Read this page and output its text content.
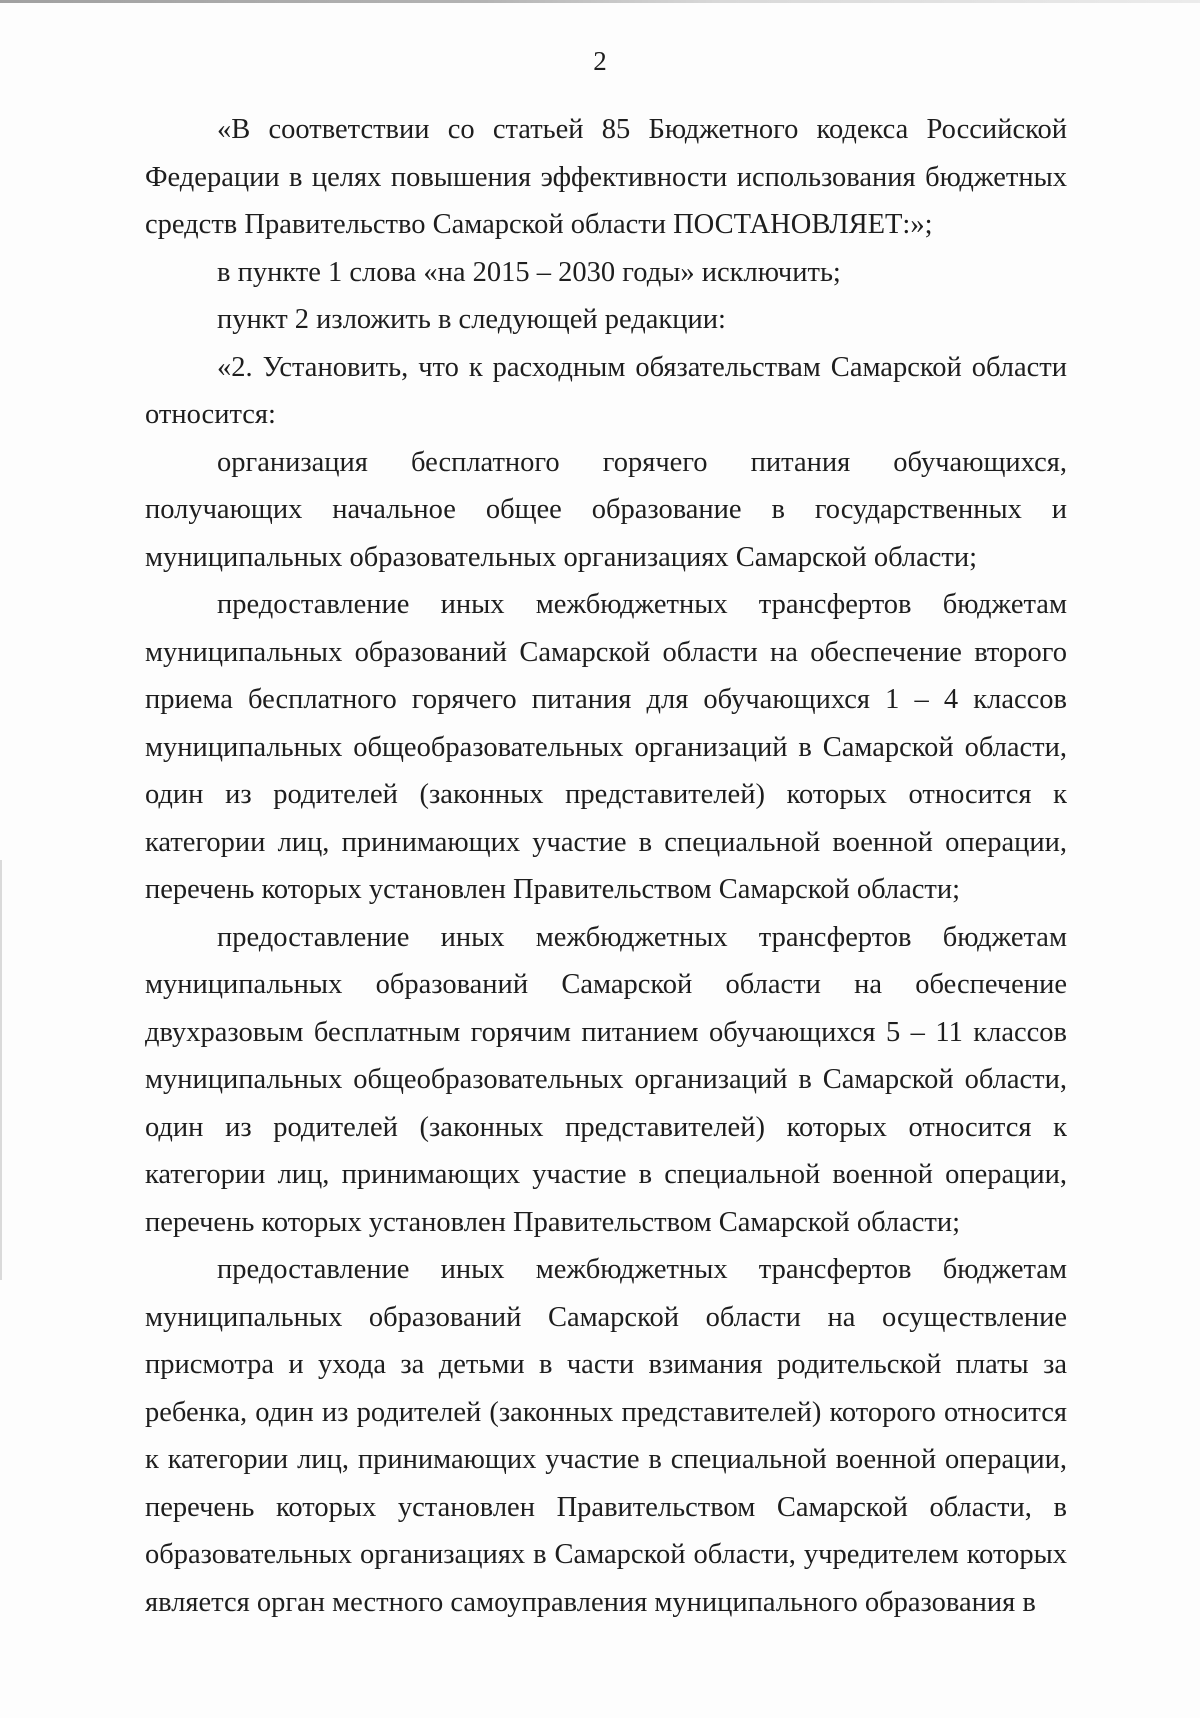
2

«В соответствии со статьей 85 Бюджетного кодекса Российской Федерации в целях повышения эффективности использования бюджетных средств Правительство Самарской области ПОСТАНОВЛЯЕТ:»;

в пункте 1 слова «на 2015 – 2030 годы» исключить;

пункт 2 изложить в следующей редакции:

«2. Установить, что к расходным обязательствам Самарской области относится:

организация бесплатного горячего питания обучающихся, получающих начальное общее образование в государственных и муниципальных образовательных организациях Самарской области;

предоставление иных межбюджетных трансфертов бюджетам муниципальных образований Самарской области на обеспечение второго приема бесплатного горячего питания для обучающихся 1 – 4 классов муниципальных общеобразовательных организаций в Самарской области, один из родителей (законных представителей) которых относится к категории лиц, принимающих участие в специальной военной операции, перечень которых установлен Правительством Самарской области;

предоставление иных межбюджетных трансфертов бюджетам муниципальных образований Самарской области на обеспечение двухразовым бесплатным горячим питанием обучающихся 5 – 11 классов муниципальных общеобразовательных организаций в Самарской области, один из родителей (законных представителей) которых относится к категории лиц, принимающих участие в специальной военной операции, перечень которых установлен Правительством Самарской области;

предоставление иных межбюджетных трансфертов бюджетам муниципальных образований Самарской области на осуществление присмотра и ухода за детьми в части взимания родительской платы за ребенка, один из родителей (законных представителей) которого относится к категории лиц, принимающих участие в специальной военной операции, перечень которых установлен Правительством Самарской области, в образовательных организациях в Самарской области, учредителем которых является орган местного самоуправления муниципального образования в
